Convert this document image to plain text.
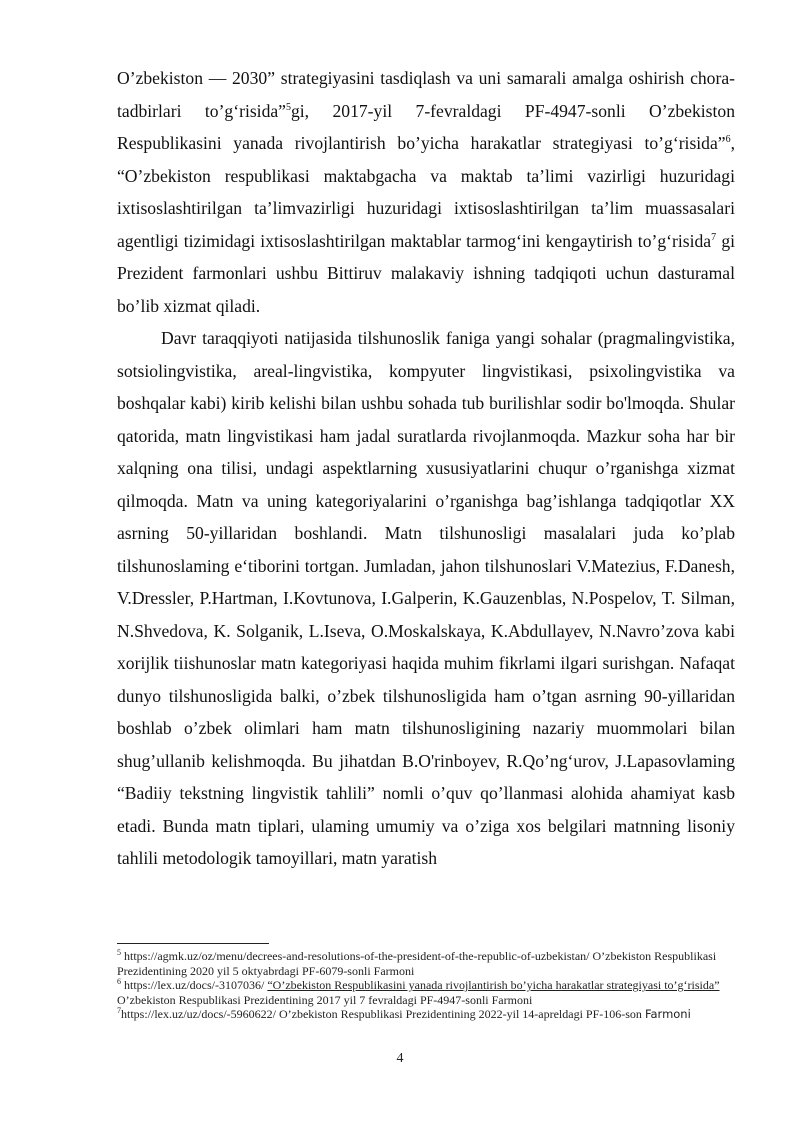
O’zbekiston — 2030” strategiyasini tasdiqlash va uni samarali amalga oshirish chora-tadbirlari to’g‘risida”$^5$gi, 2017-yil 7-fevraldagi PF-4947-sonli O’zbekiston Respublikasini yanada rivojlantirish bo’yicha harakatlar strategiyasi to’g‘risida”$^6$, “O’zbekiston respublikasi maktabgacha va maktab ta’limi vazirligi huzuridagi ixtisoslashtirilgan ta’limvazirligi huzuridagi ixtisoslashtirilgan ta’lim muassasalari agentligi tizimidagi ixtisoslashtirilgan maktablar tarmog‘ini kengaytirish to’g‘risida$^7$ gi Prezident farmonlari ushbu Bittiruv malakaviy ishning tadqiqoti uchun dasturamal bo’lib xizmat qiladi.

Davr taraqqiyoti natijasida tilshunoslik faniga yangi sohalar (pragmalingvistika, sotsiolingvistika, areal-lingvistika, kompyuter lingvistikasi, psixolingvistika va boshqalar kabi) kirib kelishi bilan ushbu sohada tub burilishlar sodir bo'lmoqda. Shular qatorida, matn lingvistikasi ham jadal suratlarda rivojlanmoqda. Mazkur soha har bir xalqning ona tilisi, undagi aspektlarning xususiyatlarini chuqur o’rganishga xizmat qilmoqda. Matn va uning kategoriyalarini o’rganishga bag’ishlanga tadqiqotlar XX asrning 50-yillaridan boshlandi. Matn tilshunosligi masalalari juda ko’plab tilshunoslaming e‘tiborini tortgan. Jumladan, jahon tilshunoslari V.Matezius, F.Danesh, V.Dressler, P.Hartman, I.Kovtunova, I.Galperin, K.Gauzenblas, N.Pospelov, T. Silman, N.Shvedova, K. Solganik, L.Iseva, O.Moskalskaya, K.Abdullayev, N.Navro’zova kabi xorijlik tiishunoslar matn kategoriyasi haqida muhim fikrlami ilgari surishgan. Nafaqat dunyo tilshunosligida balki, o’zbek tilshunosligida ham o’tgan asrning 90-yillaridan boshlab o’zbek olimlari ham matn tilshunosligining nazariy muommolari bilan shug’ullanib kelishmoqda. Bu jihatdan B.O'rinboyev, R.Qo’ng‘urov, J.Lapasovlaming “Badiiy tekstning lingvistik tahlili” nomli o’quv qo’llanmasi alohida ahamiyat kasb etadi. Bunda matn tiplari, ulaming umumiy va o’ziga xos belgilari matnning lisoniy tahlili metodologik tamoyillari, matn yaratish

$^5$ https://agmk.uz/oz/menu/decrees-and-resolutions-of-the-president-of-the-republic-of-uzbekistan/ O’zbekiston Respublikasi Prezidentining 2020 yil 5 oktyabrdagi PF-6079-sonli Farmoni

$^6$ https://lex.uz/docs/-3107036/ “O’zbekiston Respublikasini yanada rivojlantirish bo’yicha harakatlar strategiyasi to’g‘risida” O’zbekiston Respublikasi Prezidentining 2017 yil 7 fevraldagi PF-4947-sonli Farmoni

$^7$https://lex.uz/uz/docs/-5960622/ O’zbekiston Respublikasi Prezidentining 2022-yil 14-apreldagi PF-106-son Farmoni

4
